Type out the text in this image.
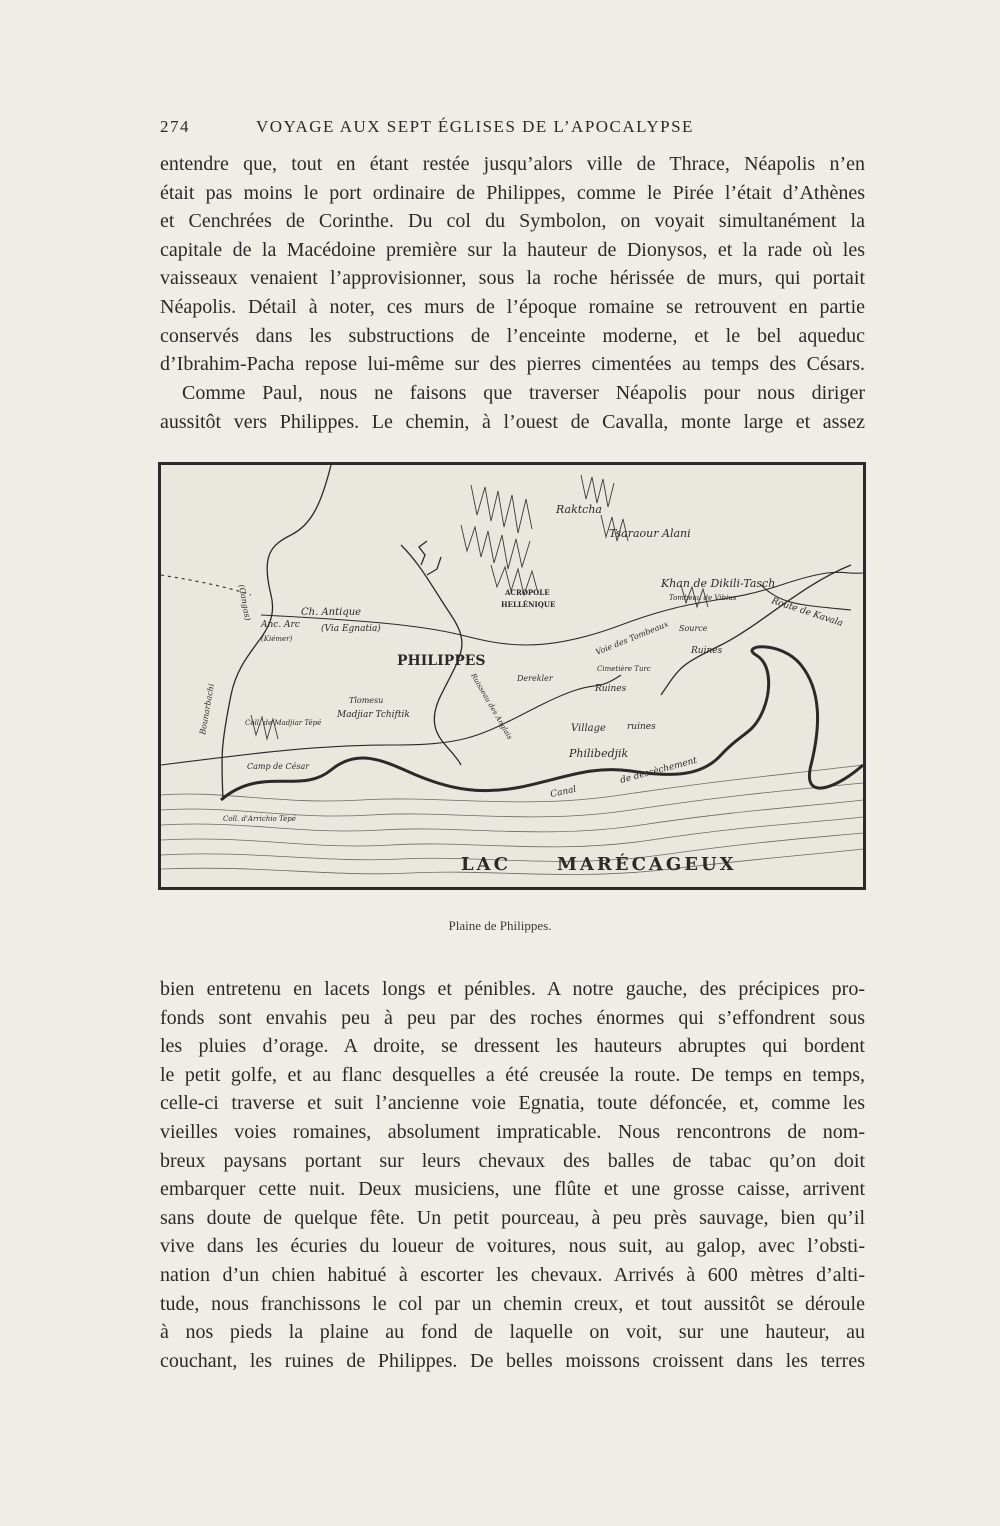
274	VOYAGE AUX SEPT ÉGLISES DE L’APOCALYPSE
entendre que, tout en étant restée jusqu’alors ville de Thrace, Néapolis n’en
était pas moins le port ordinaire de Philippes, comme le Pirée l’était d’Athènes
et Cenchrées de Corinthe. Du col du Symbolon, on voyait simultanément la
capitale de la Macédoine première sur la hauteur de Dionysos, et la rade où les
vaisseaux venaient l’approvisionner, sous la roche hérissée de murs, qui portait
Néapolis. Détail à noter, ces murs de l’époque romaine se retrouvent en partie
conservés dans les substructions de l’enceinte moderne, et le bel aqueduc
d’Ibrahim-Pacha repose lui-même sur des pierres cimentées au temps des Césars.
Comme Paul, nous ne faisons que traverser Néapolis pour nous diriger
aussitôt vers Philippes. Le chemin, à l’ouest de Cavalla, monte large et assez
PHILIPPES
LAC	MARÉCAGEUX
Raktcha
Tsaraour Alani
Khan de Dikili-Tasch
Route de Kavala
ACROPOLE
HELLÉNIQUE
Tombeau de Vibius
Source
Voie des Tombeaux Ruines
Ruines
ruines
Cimetière Turc
Derekler
Ruisseau des Anglais
Ch. Antique
(Via Egnatia)
Anc. Arc
(Kiémer)
(Gangas)
Bounarbachi	Tlomesu
Madjiar Tchiftik
Coll. de Madjiar Tépé
Camp de César
Coll. d'Arrichio Tépé
Village
Philibedjik
Canal
de dessèchement
Plaine de Philippes.
bien entretenu en lacets longs et pénibles. A notre gauche, des précipices pro-
fonds sont envahis peu à peu par des roches énormes qui s’effondrent sous
les pluies d’orage. A droite, se dressent les hauteurs abruptes qui bordent
le petit golfe, et au flanc desquelles a été creusée la route. De temps en temps,
celle-ci traverse et suit l’ancienne voie Egnatia, toute défoncée, et, comme les
vieilles voies romaines, absolument impraticable. Nous rencontrons de nom-
breux paysans portant sur leurs chevaux des balles de tabac qu’on doit
embarquer cette nuit. Deux musiciens, une flûte et une grosse caisse, arrivent
sans doute de quelque fête. Un petit pourceau, à peu près sauvage, bien qu’il
vive dans les écuries du loueur de voitures, nous suit, au galop, avec l’obsti-
nation d’un chien habitué à escorter les chevaux. Arrivés à 600 mètres d’alti-
tude, nous franchissons le col par un chemin creux, et tout aussitôt se déroule
à nos pieds la plaine au fond de laquelle on voit, sur une hauteur, au
couchant, les ruines de Philippes. De belles moissons croissent dans les terres
